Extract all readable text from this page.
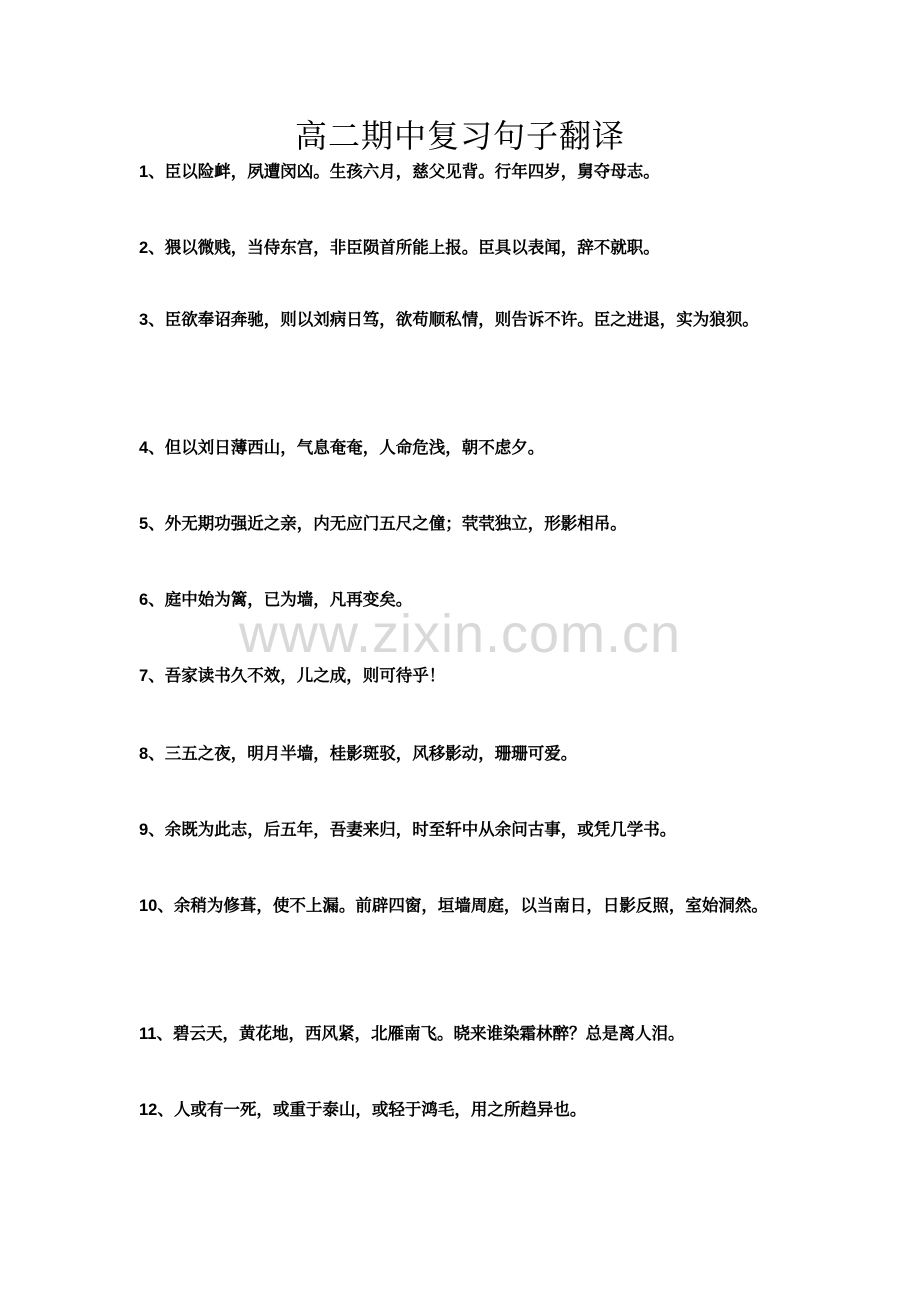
高二期中复习句子翻译
1、臣以险衅，夙遭闵凶。生孩六月，慈父见背。行年四岁，舅夺母志。
2、猥以微贱，当侍东宫，非臣陨首所能上报。臣具以表闻，辞不就职。
3、臣欲奉诏奔驰，则以刘病日笃，欲苟顺私情，则告诉不许。臣之进退，实为狼狈。
4、但以刘日薄西山，气息奄奄，人命危浅，朝不虑夕。
5、外无期功强近之亲，内无应门五尺之僮；茕茕独立，形影相吊。
6、庭中始为篱，已为墙，凡再变矣。
7、吾家读书久不效，儿之成，则可待乎！
8、三五之夜，明月半墙，桂影斑驳，风移影动，珊珊可爱。
9、余既为此志，后五年，吾妻来归，时至轩中从余问古事，或凭几学书。
10、余稍为修葺，使不上漏。前辟四窗，垣墙周庭，以当南日，日影反照，室始洞然。
11、碧云天，黄花地，西风紧，北雁南飞。晓来谁染霜林醉？总是离人泪。
12、人或有一死，或重于泰山，或轻于鸿毛，用之所趋异也。
www.zixin.com.cn
